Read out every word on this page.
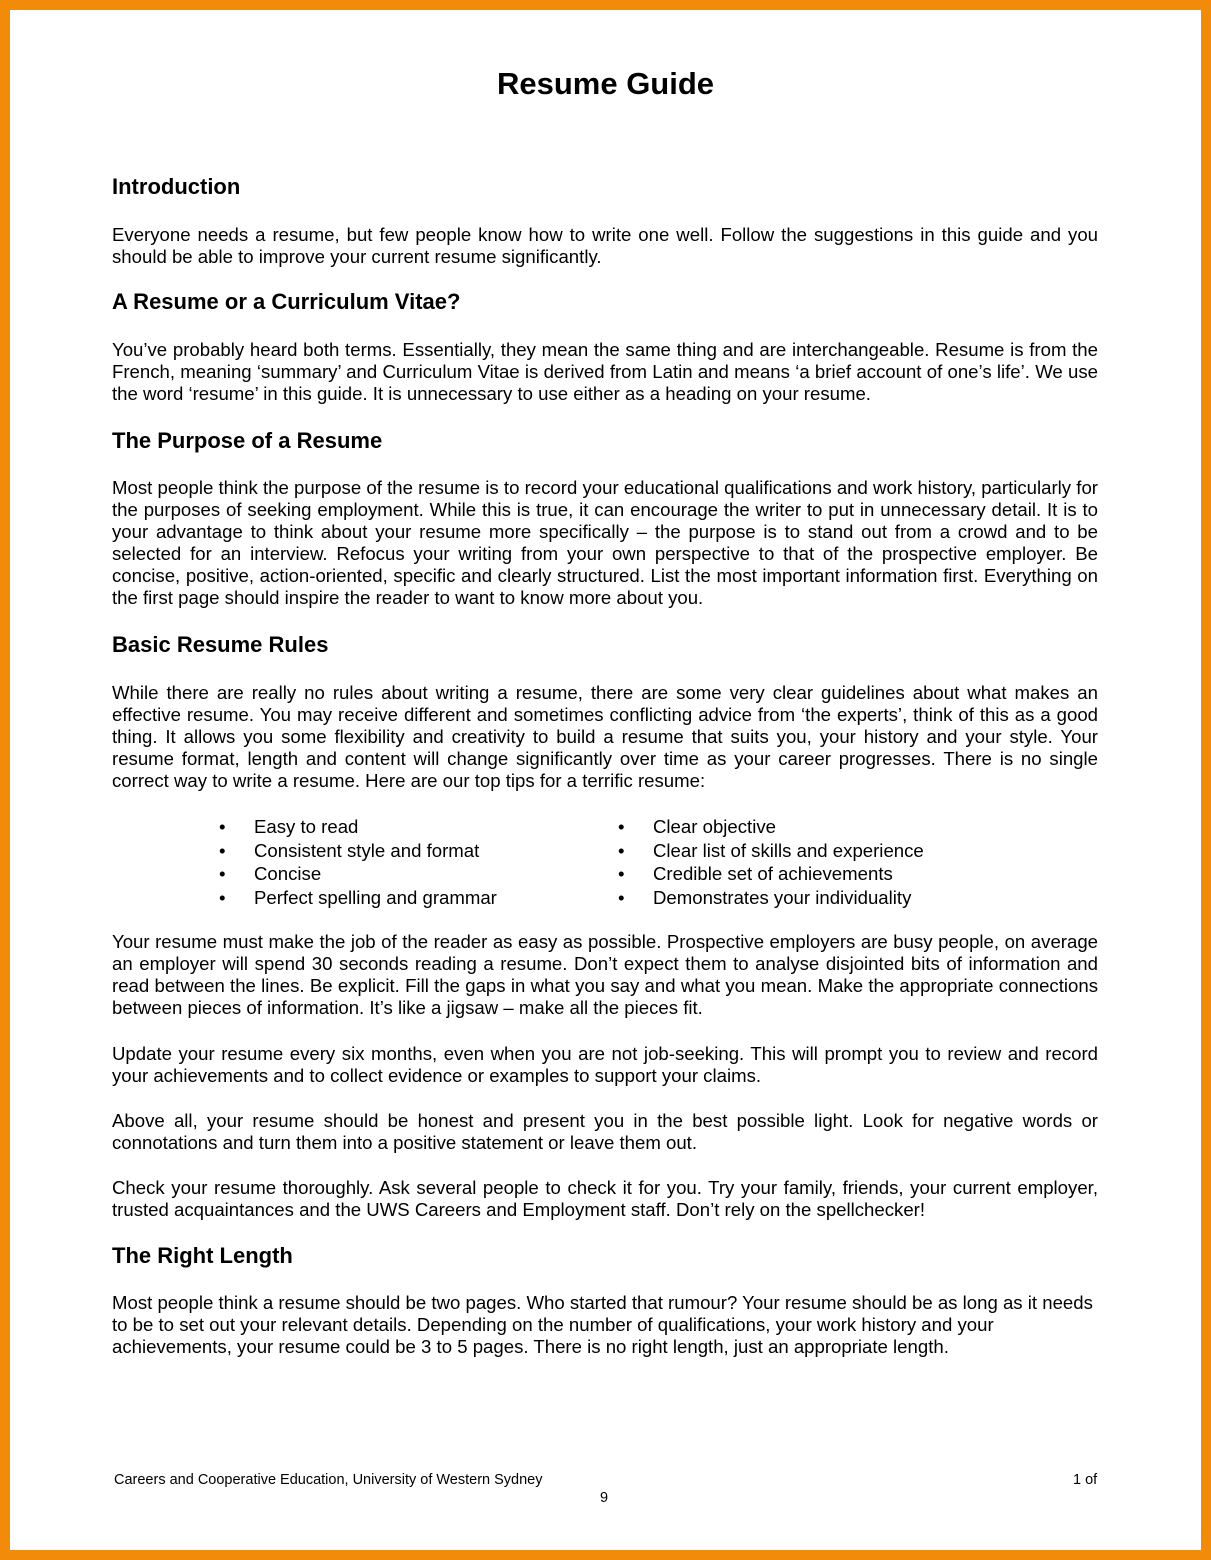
Resume Guide
Introduction

Everyone needs a resume, but few people know how to write one well. Follow the suggestions in this guide and you should be able to improve your current resume significantly.

A Resume or a Curriculum Vitae?

You’ve probably heard both terms. Essentially, they mean the same thing and are interchangeable. Resume is from the French, meaning ‘summary’ and Curriculum Vitae is derived from Latin and means ‘a brief account of one’s life’. We use the word ‘resume’ in this guide. It is unnecessary to use either as a heading on your resume.

The Purpose of a Resume

Most people think the purpose of the resume is to record your educational qualifications and work history, particularly for the purposes of seeking employment. While this is true, it can encourage the writer to put in unnecessary detail. It is to your advantage to think about your resume more specifically – the purpose is to stand out from a crowd and to be selected for an interview. Refocus your writing from your own perspective to that of the prospective employer. Be concise, positive, action-oriented, specific and clearly structured. List the most important information first. Everything on the first page should inspire the reader to want to know more about you.

Basic Resume Rules

While there are really no rules about writing a resume, there are some very clear guidelines about what makes an effective resume. You may receive different and sometimes conflicting advice from ‘the experts’, think of this as a good thing. It allows you some flexibility and creativity to build a resume that suits you, your history and your style. Your resume format, length and content will change significantly over time as your career progresses. There is no single correct way to write a resume. Here are our top tips for a terrific resume:

• Easy to read
• Consistent style and format
• Concise
• Perfect spelling and grammar
• Clear objective
• Clear list of skills and experience
• Credible set of achievements
• Demonstrates your individuality

Your resume must make the job of the reader as easy as possible. Prospective employers are busy people, on average an employer will spend 30 seconds reading a resume. Don’t expect them to analyse disjointed bits of information and read between the lines. Be explicit. Fill the gaps in what you say and what you mean. Make the appropriate connections between pieces of information. It’s like a jigsaw – make all the pieces fit.

Update your resume every six months, even when you are not job-seeking. This will prompt you to review and record your achievements and to collect evidence or examples to support your claims.

Above all, your resume should be honest and present you in the best possible light. Look for negative words or connotations and turn them into a positive statement or leave them out.

Check your resume thoroughly. Ask several people to check it for you. Try your family, friends, your current employer, trusted acquaintances and the UWS Careers and Employment staff. Don’t rely on the spellchecker!

The Right Length

Most people think a resume should be two pages. Who started that rumour? Your resume should be as long as it needs to be to set out your relevant details. Depending on the number of qualifications, your work history and your achievements, your resume could be 3 to 5 pages. There is no right length, just an appropriate length.

Careers and Cooperative Education, University of Western Sydney	1 of
9
